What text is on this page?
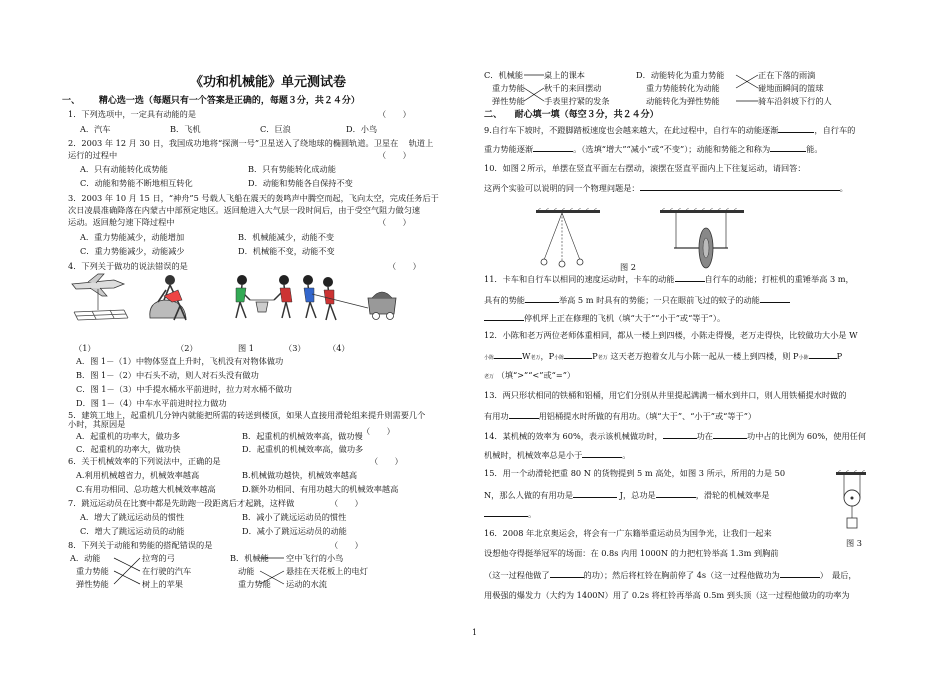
《功和机械能》单元测试卷
一、 精心选一选（每题只有一个答案是正确的，每题３分，共２４分）
1．下列选项中，一定具有动能的是	（　　）
A．汽车	B．飞机	C．巨浪	D．小鸟
2．2003 年 12 月 30 日，我国成功地将“探测一号”卫星送入了绕地球的椭圆轨道。卫星在 轨道上
运行的过程中	（　　）
A．只有动能转化成势能	B．只有势能转化成动能
C．动能和势能不断地相互转化	D．动能和势能各自保持不变
3．2003 年 10 月 15 日，“神舟”5 号载人飞船在震天的轰鸣声中腾空而起，飞向太空，完成任务后于
次日凌晨准确降落在内蒙古中部预定地区。返回舱进入大气层一段时间后，由于受空气阻力做匀速
运动。返回舱匀速下降过程中	（　　）
A．重力势能减少，动能增加	B．机械能减少，动能不变
C．重力势能减少，动能减少	D．机械能不变，动能不变
4．下列关于做功的说法错误的是	（　　）
（1）	（2）	图 1	（3）	（4）
A．图 1－（1）中物体竖直上升时，飞机没有对物体做功
B．图 1－（2）中石头不动，则人对石头没有做功
C．图 1－（3）中手提水桶水平前进时，拉力对水桶不做功
D．图 1－（4）中车水平前进时拉力做功
5．建筑工地上，起重机几分钟内就能把所需的砖送到楼顶，如果人直接用滑轮组来提升则需要几个
小时，其原因是
（　　）
A．起重机的功率大，做功多	B．起重机的机械效率高，做功慢
C．起重机的功率大，做功快	D．起重机的机械效率高，做功多
6．关于机械效率的下列说法中，正确的是	（　　）
A.利用机械越省力，机械效率越高	B.机械做功越快，机械效率越高
C.有用功相同、总功越大机械效率越高	D.额外功相同、有用功越大的机械效率越高
7．跳远运动员在比赛中都是先助跑一段距离后才起跳，这样做	（　　）
A．增大了跳远运动员的惯性	B．减小了跳远运动员的惯性
C．增大了跳远运动员的动能	D．减小了跳远运动员的动能
8．下列关于动能和势能的搭配错误的是	（　　）
A．动能	拉弯的弓
重力势能	在行驶的汽车
弹性势能	树上的苹果
B．机械能 空中飞行的小鸟
动能	悬挂在天花板上的电灯
重力势能 运动的水流
C．机械能	桌上的课本
重力势能 秋千的来回摆动
弹性势能 手表里拧紧的发条
D．动能转化为重力势能	正在下落的雨滴
重力势能转化为动能	碰地面瞬间的篮球
动能转化为弹性势能	骑车沿斜坡下行的人
二、 耐心填一填（每空３分，共２４分）
9.自行车下坡时，不蹬脚踏板速度也会越来越大，在此过程中，自行车的动能逐渐	，自行车的
重力势能逐渐	。（选填“增大”“减小”或“不变”）；动能和势能之和称为	能。
10．如图２所示，单摆在竖直平面左右摆动，滚摆在竖直平面内上下往复运动，请回答：
这两个实验可以说明的同一个物理问题是：	。
图 2
11．卡车和自行车以相同的速度运动时，卡车的动能	自行车的动能；打桩机的重锤举高 3 m，
具有的势能	举高 5 m 时具有的势能；一只在眼前飞过的蚊子的动能
停机坪上正在修理的飞机（填“大于”“小于”或“等于”）。
12．小陈和老万两位老师体重相同，都从一楼上到四楼，小陈走得慢，老万走得快，比较做功大小是 W
小陈	W老万，P小陈	P老万 这天老万抱着女儿与小陈一起从一楼上到四楼，则 P小陈	P
老万 （填“>”“<”或“=”）
13．两只形状相同的铁桶和铝桶，用它们分别从井里提起满满一桶水到井口，则人用铁桶提水时做的
有用功	用铝桶提水时所做的有用功。（填“大于”、“小于”或“等于”）
14．某机械的效率为 60%，表示该机械做功时，	功在	功中占的比例为 60%，使用任何
机械时，机械效率总是小于	。
15．用一个动滑轮把重 80 N 的货物提到 5 m 高处，如图 3 所示，所用的力是 50
N，那么人做的有用功是	J，总功是	，滑轮的机械效率是
。
图 3
16．2008 年北京奥运会，将会有一广东籍举重运动员为国争光，让我们一起来
设想他夺得挺举冠军的场面：在 0.8s 内用 1000N 的力把杠铃举高 1.3m 到胸前
（这一过程他做了	的功）；然后将杠铃在胸前停了 4s（这一过程他做功为	）　最后，
用极强的爆发力（大约为 1400N）用了 0.2s 将杠铃再举高 0.5m 到头顶（这一过程他做功的功率为
1
